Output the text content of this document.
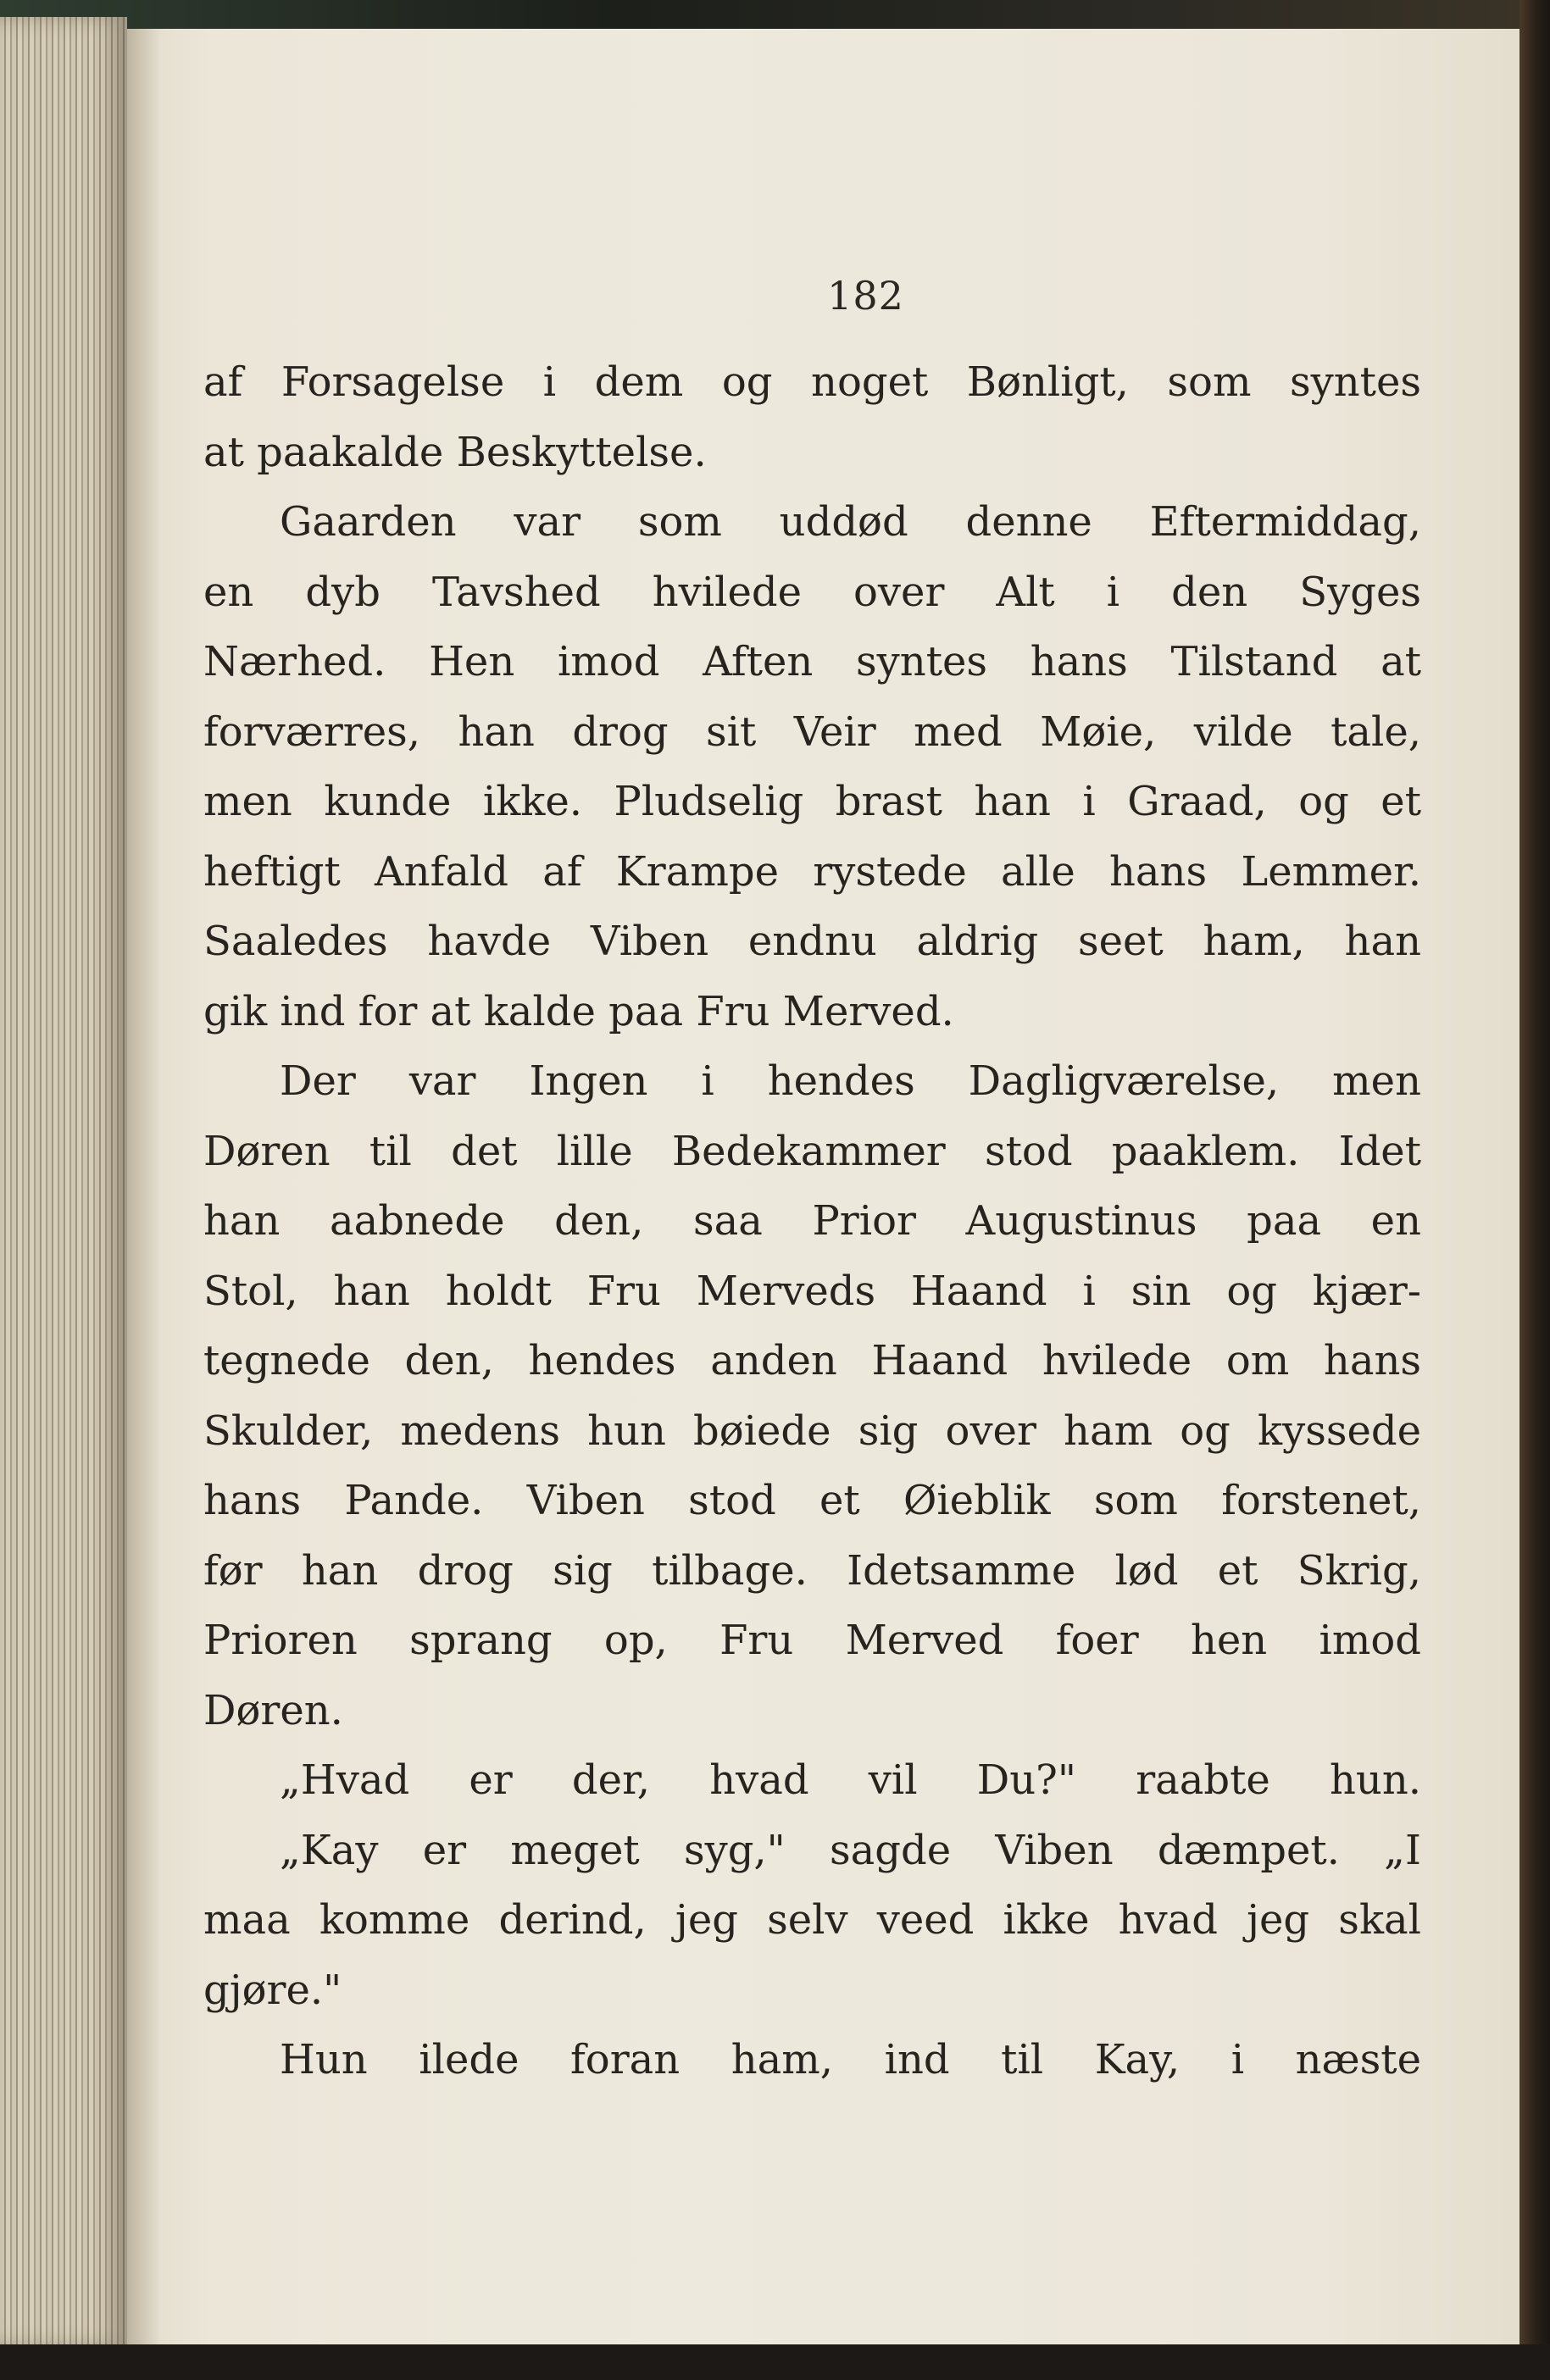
182
af Forsagelse i dem og noget Bønligt, som syntes
at paakalde Beskyttelse.
Gaarden var som uddød denne Eftermiddag,
en dyb Tavshed hvilede over Alt i den Syges
Nærhed. Hen imod Aften syntes hans Tilstand at
forværres, han drog sit Veir med Møie, vilde tale,
men kunde ikke. Pludselig brast han i Graad, og et
heftigt Anfald af Krampe rystede alle hans Lemmer.
Saaledes havde Viben endnu aldrig seet ham, han
gik ind for at kalde paa Fru Merved.
Der var Ingen i hendes Dagligværelse, men
Døren til det lille Bedekammer stod paaklem. Idet
han aabnede den, saa Prior Augustinus paa en
Stol, han holdt Fru Merveds Haand i sin og kjær-
tegnede den, hendes anden Haand hvilede om hans
Skulder, medens hun bøiede sig over ham og kyssede
hans Pande. Viben stod et Øieblik som forstenet,
før han drog sig tilbage. Idetsamme lød et Skrig,
Prioren sprang op, Fru Merved foer hen imod
Døren.
„Hvad er der, hvad vil Du?" raabte hun.
„Kay er meget syg," sagde Viben dæmpet. „I
maa komme derind, jeg selv veed ikke hvad jeg skal
gjøre."
Hun ilede foran ham, ind til Kay, i næste
